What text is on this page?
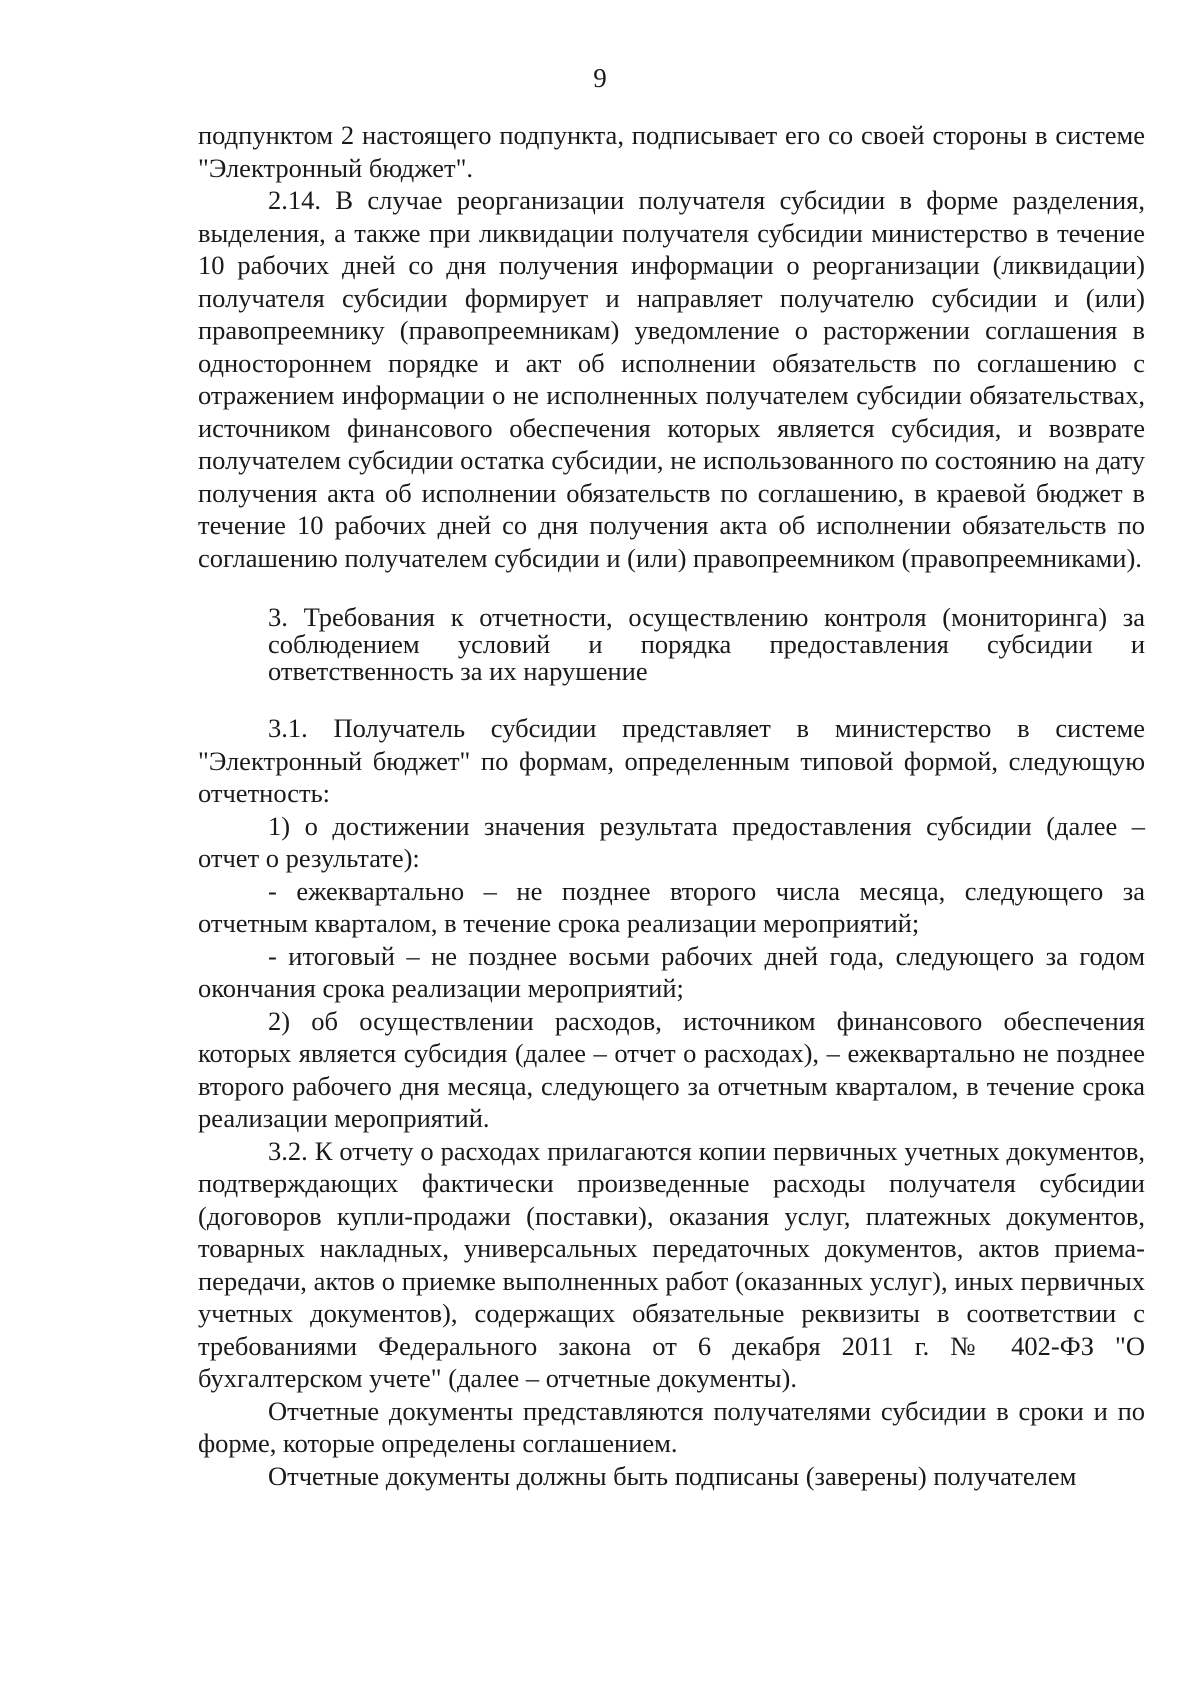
9

подпунктом 2 настоящего подпункта, подписывает его со своей стороны в системе "Электронный бюджет".

2.14. В случае реорганизации получателя субсидии в форме разделения, выделения, а также при ликвидации получателя субсидии министерство в течение 10 рабочих дней со дня получения информации о реорганизации (ликвидации) получателя субсидии формирует и направляет получателю субсидии и (или) правопреемнику (правопреемникам) уведомление о расторжении соглашения в одностороннем порядке и акт об исполнении обязательств по соглашению с отражением информации о не исполненных получателем субсидии обязательствах, источником финансового обеспечения которых является субсидия, и возврате получателем субсидии остатка субсидии, не использованного по состоянию на дату получения акта об исполнении обязательств по соглашению, в краевой бюджет в течение 10 рабочих дней со дня получения акта об исполнении обязательств по соглашению получателем субсидии и (или) правопреемником (правопреемниками).

3. Требования к отчетности, осуществлению контроля (мониторинга) за соблюдением условий и порядка предоставления субсидии и ответственность за их нарушение

3.1. Получатель субсидии представляет в министерство в системе "Электронный бюджет" по формам, определенным типовой формой, следующую отчетность:

1) о достижении значения результата предоставления субсидии (далее – отчет о результате):

- ежеквартально – не позднее второго числа месяца, следующего за отчетным кварталом, в течение срока реализации мероприятий;

- итоговый – не позднее восьми рабочих дней года, следующего за годом окончания срока реализации мероприятий;

2) об осуществлении расходов, источником финансового обеспечения которых является субсидия (далее – отчет о расходах), – ежеквартально не позднее второго рабочего дня месяца, следующего за отчетным кварталом, в течение срока реализации мероприятий.

3.2. К отчету о расходах прилагаются копии первичных учетных документов, подтверждающих фактически произведенные расходы получателя субсидии (договоров купли-продажи (поставки), оказания услуг, платежных документов, товарных накладных, универсальных передаточных документов, актов приема-передачи, актов о приемке выполненных работ (оказанных услуг), иных первичных учетных документов), содержащих обязательные реквизиты в соответствии с требованиями Федерального закона от 6 декабря 2011 г. № 402-ФЗ "О бухгалтерском учете" (далее – отчетные документы).

Отчетные документы представляются получателями субсидии в сроки и по форме, которые определены соглашением.

Отчетные документы должны быть подписаны (заверены) получателем
